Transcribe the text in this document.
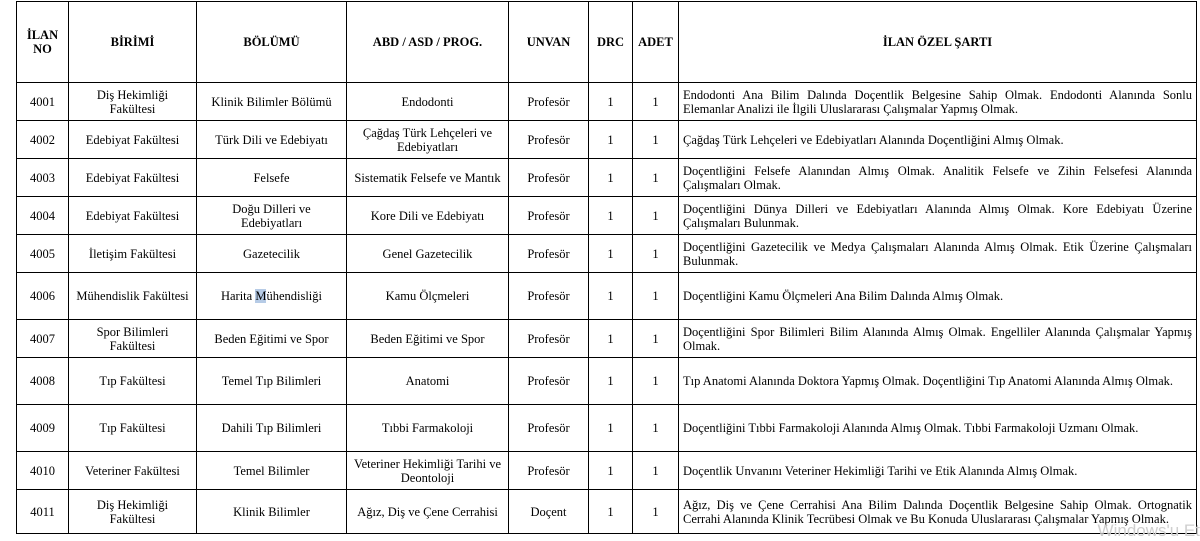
İLAN NO	BİRİMİ	BÖLÜMÜ	ABD / ASD / PROG.	UNVAN	DRC	ADET	İLAN ÖZEL ŞARTI
4001	Diş Hekimliği Fakültesi	Klinik Bilimler Bölümü	Endodonti	Profesör	1	1	Endodonti Ana Bilim Dalında Doçentlik Belgesine Sahip Olmak. Endodonti Alanında Sonlu Elemanlar Analizi ile İlgili Uluslararası Çalışmalar Yapmış Olmak.
4002	Edebiyat Fakültesi	Türk Dili ve Edebiyatı	Çağdaş Türk Lehçeleri ve Edebiyatları	Profesör	1	1	Çağdaş Türk Lehçeleri ve Edebiyatları Alanında Doçentliğini Almış Olmak.
4003	Edebiyat Fakültesi	Felsefe	Sistematik Felsefe ve Mantık	Profesör	1	1	Doçentliğini Felsefe Alanından Almış Olmak. Analitik Felsefe ve Zihin Felsefesi Alanında Çalışmaları Olmak.
4004	Edebiyat Fakültesi	Doğu Dilleri ve Edebiyatları	Kore Dili ve Edebiyatı	Profesör	1	1	Doçentliğini Dünya Dilleri ve Edebiyatları Alanında Almış Olmak. Kore Edebiyatı Üzerine Çalışmaları Bulunmak.
4005	İletişim Fakültesi	Gazetecilik	Genel Gazetecilik	Profesör	1	1	Doçentliğini Gazetecilik ve Medya Çalışmaları Alanında Almış Olmak. Etik Üzerine Çalışmaları Bulunmak.
4006	Mühendislik Fakültesi	Harita Mühendisliği	Kamu Ölçmeleri	Profesör	1	1	Doçentliğini Kamu Ölçmeleri Ana Bilim Dalında Almış Olmak.
4007	Spor Bilimleri Fakültesi	Beden Eğitimi ve Spor	Beden Eğitimi ve Spor	Profesör	1	1	Doçentliğini Spor Bilimleri Bilim Alanında Almış Olmak. Engelliler Alanında Çalışmalar Yapmış Olmak.
4008	Tıp Fakültesi	Temel Tıp Bilimleri	Anatomi	Profesör	1	1	Tıp Anatomi Alanında Doktora Yapmış Olmak. Doçentliğini Tıp Anatomi Alanında Almış Olmak.
4009	Tıp Fakültesi	Dahili Tıp Bilimleri	Tıbbi Farmakoloji	Profesör	1	1	Doçentliğini Tıbbi Farmakoloji Alanında Almış Olmak. Tıbbi Farmakoloji Uzmanı Olmak.
4010	Veteriner Fakültesi	Temel Bilimler	Veteriner Hekimliği Tarihi ve Deontoloji	Profesör	1	1	Doçentlik Unvanını Veteriner Hekimliği Tarihi ve Etik Alanında Almış Olmak.
4011	Diş Hekimliği Fakültesi	Klinik Bilimler	Ağız, Diş ve Çene Cerrahisi	Doçent	1	1	Ağız, Diş ve Çene Cerrahisi Ana Bilim Dalında Doçentlik Belgesine Sahip Olmak. Ortognatik Cerrahi Alanında Klinik Tecrübesi Olmak ve Bu Konuda Uluslararası Çalışmalar Yapmış Olmak.
Windows'u Et
